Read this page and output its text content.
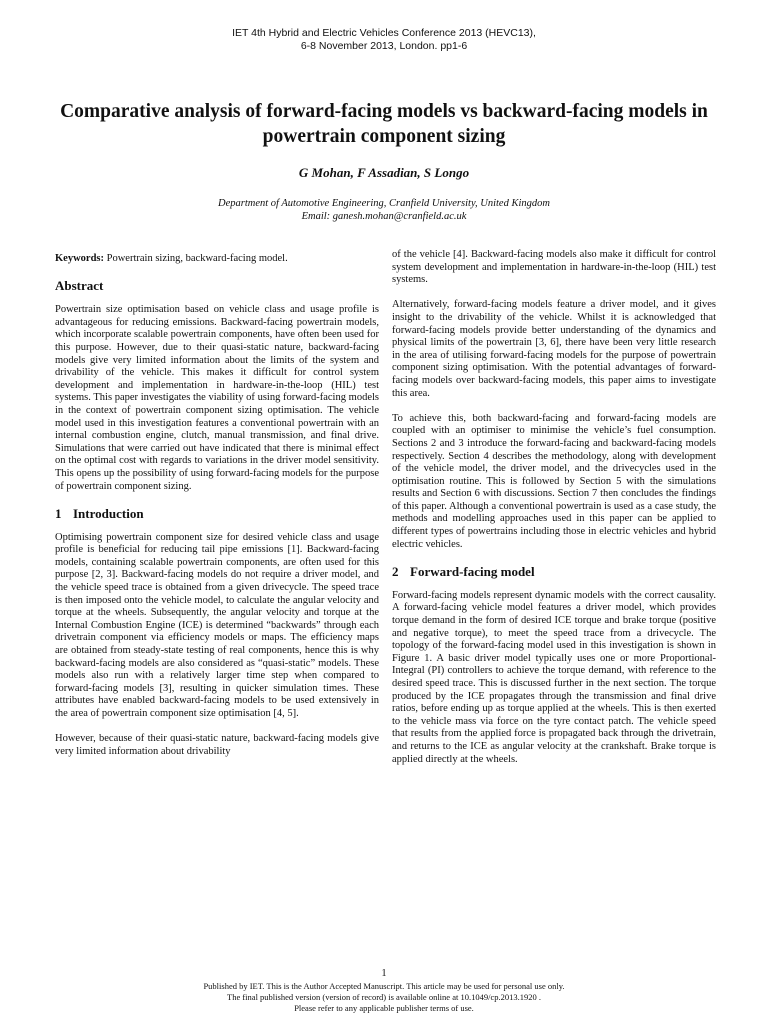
IET 4th Hybrid and Electric Vehicles Conference 2013 (HEVC13),
6-8 November 2013, London. pp1-6
Comparative analysis of forward-facing models vs backward-facing models in powertrain component sizing
G Mohan, F Assadian, S Longo
Department of Automotive Engineering, Cranfield University, United Kingdom
Email: ganesh.mohan@cranfield.ac.uk

Keywords: Powertrain sizing, backward-facing model.

Abstract

Powertrain size optimisation based on vehicle class and usage profile is advantageous for reducing emissions. Backward-facing powertrain models, which incorporate scalable powertrain components, have often been used for this purpose. However, due to their quasi-static nature, backward-facing models give very limited information about the limits of the system and drivability of the vehicle. This makes it difficult for control system development and implementation in hardware-in-the-loop (HIL) test systems. This paper investigates the viability of using forward-facing models in the context of powertrain component sizing optimisation. The vehicle model used in this investigation features a conventional powertrain with an internal combustion engine, clutch, manual transmission, and final drive. Simulations that were carried out have indicated that there is minimal effect on the optimal cost with regards to variations in the driver model sensitivity. This opens up the possibility of using forward-facing models for the purpose of powertrain component sizing.

1 Introduction

Optimising powertrain component size for desired vehicle class and usage profile is beneficial for reducing tail pipe emissions [1]. Backward-facing models, containing scalable powertrain components, are often used for this purpose [2, 3]. Backward-facing models do not require a driver model, and the vehicle speed trace is obtained from a given drivecycle. The speed trace is then imposed onto the vehicle model, to calculate the angular velocity and torque at the wheels. Subsequently, the angular velocity and torque at the Internal Combustion Engine (ICE) is determined “backwards” through each drivetrain component via efficiency models or maps. The efficiency maps are obtained from steady-state testing of real components, hence this is why backward-facing models are also considered as “quasi-static” models. These models also run with a relatively larger time step when compared to forward-facing models [3], resulting in quicker simulation times. These attributes have enabled backward-facing models to be used extensively in the area of powertrain component size optimisation [4, 5].

However, because of their quasi-static nature, backward-facing models give very limited information about drivability

of the vehicle [4]. Backward-facing models also make it difficult for control system development and implementation in hardware-in-the-loop (HIL) test systems.

Alternatively, forward-facing models feature a driver model, and it gives insight to the drivability of the vehicle. Whilst it is acknowledged that forward-facing models provide better understanding of the dynamics and physical limits of the powertrain [3, 6], there have been very little research in the area of utilising forward-facing models for the purpose of powertrain component sizing optimisation. With the potential advantages of forward-facing models over backward-facing models, this paper aims to investigate this area.

To achieve this, both backward-facing and forward-facing models are coupled with an optimiser to minimise the vehicle’s fuel consumption. Sections 2 and 3 introduce the forward-facing and backward-facing models respectively. Section 4 describes the methodology, along with development of the vehicle model, the driver model, and the drivecycles used in the optimisation routine. This is followed by Section 5 with the simulations results and Section 6 with discussions. Section 7 then concludes the findings of this paper. Although a conventional powertrain is used as a case study, the methods and modelling approaches used in this paper can be applied to different types of powertrains including those in electric vehicles and hybrid electric vehicles.

2 Forward-facing model

Forward-facing models represent dynamic models with the correct causality. A forward-facing vehicle model features a driver model, which provides torque demand in the form of desired ICE torque and brake torque (positive and negative torque), to meet the speed trace from a drivecycle. The topology of the forward-facing model used in this investigation is shown in Figure 1. A basic driver model typically uses one or more Proportional-Integral (PI) controllers to achieve the torque demand, with reference to the desired speed trace. This is discussed further in the next section. The torque produced by the ICE propagates through the transmission and final drive ratios, before ending up as torque applied at the wheels. This is then exerted to the vehicle mass via force on the tyre contact patch. The vehicle speed that results from the applied force is propagated back through the drivetrain, and returns to the ICE as angular velocity at the crankshaft. Brake torque is applied directly at the wheels.

1
Published by IET. This is the Author Accepted Manuscript. This article may be used for personal use only.
The final published version (version of record) is available online at 10.1049/cp.2013.1920 .
Please refer to any applicable publisher terms of use.
